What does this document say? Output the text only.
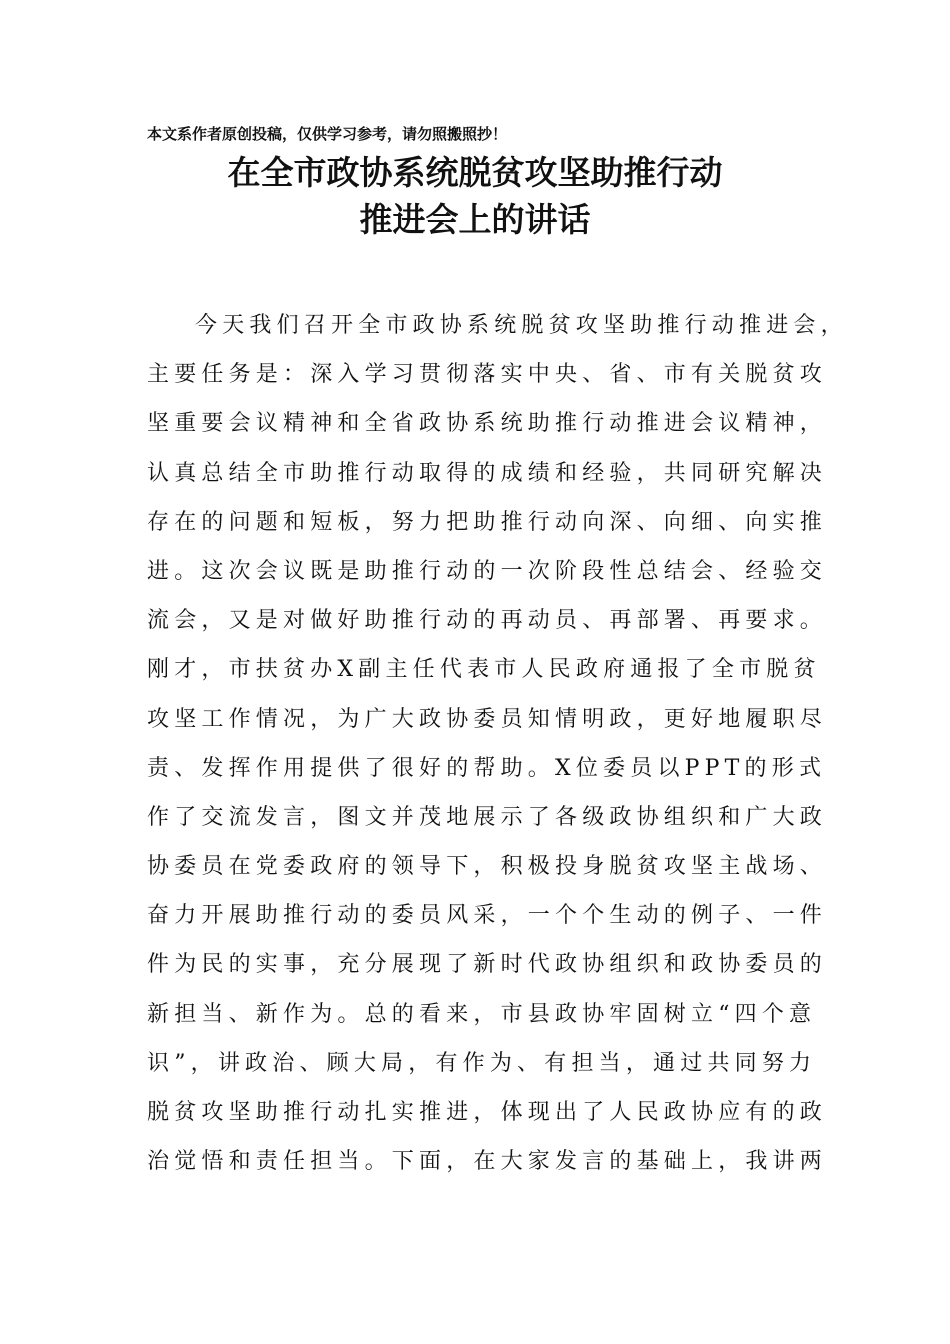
本文系作者原创投稿，仅供学习参考，请勿照搬照抄！
在全市政协系统脱贫攻坚助推行动
推进会上的讲话
今天我们召开全市政协系统脱贫攻坚助推行动推进会，
主要任务是：深入学习贯彻落实中央、省、市有关脱贫攻
坚重要会议精神和全省政协系统助推行动推进会议精神，
认真总结全市助推行动取得的成绩和经验，共同研究解决
存在的问题和短板，努力把助推行动向深、向细、向实推
进。这次会议既是助推行动的一次阶段性总结会、经验交
流会，又是对做好助推行动的再动员、再部署、再要求。
刚才，市扶贫办X副主任代表市人民政府通报了全市脱贫
攻坚工作情况，为广大政协委员知情明政，更好地履职尽
责、发挥作用提供了很好的帮助。X位委员以PPT的形式
作了交流发言，图文并茂地展示了各级政协组织和广大政
协委员在党委政府的领导下，积极投身脱贫攻坚主战场、
奋力开展助推行动的委员风采，一个个生动的例子、一件
件为民的实事，充分展现了新时代政协组织和政协委员的
新担当、新作为。总的看来，市县政协牢固树立“四个意
识”，讲政治、顾大局，有作为、有担当，通过共同努力
脱贫攻坚助推行动扎实推进，体现出了人民政协应有的政
治觉悟和责任担当。下面，在大家发言的基础上，我讲两
